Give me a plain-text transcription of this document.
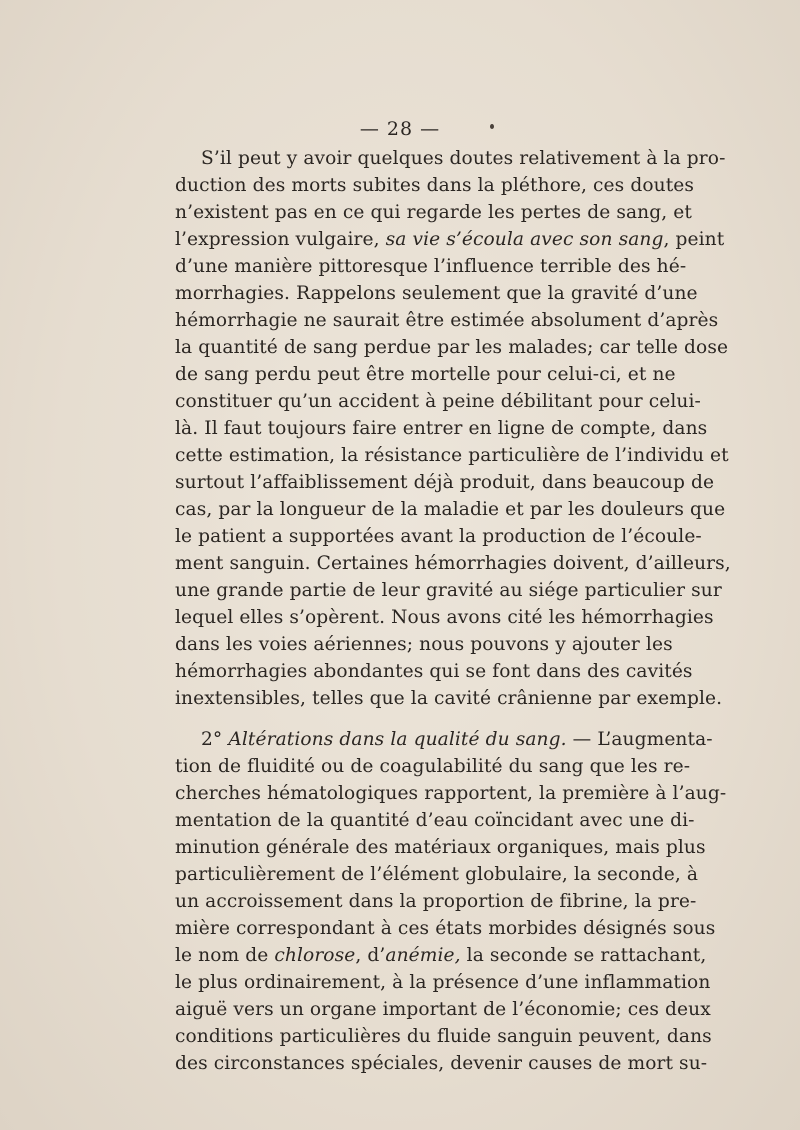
— 28 —
S’il peut y avoir quelques doutes relativement à la pro-
duction des morts subites dans la pléthore, ces doutes
n’existent pas en ce qui regarde les pertes de sang, et
l’expression vulgaire, sa vie s’écoula avec son sang, peint
d’une manière pittoresque l’influence terrible des hé-
morrhagies. Rappelons seulement que la gravité d’une
hémorrhagie ne saurait être estimée absolument d’après
la quantité de sang perdue par les malades; car telle dose
de sang perdu peut être mortelle pour celui-ci, et ne
constituer qu’un accident à peine débilitant pour celui-
là. Il faut toujours faire entrer en ligne de compte, dans
cette estimation, la résistance particulière de l’individu et
surtout l’affaiblissement déjà produit, dans beaucoup de
cas, par la longueur de la maladie et par les douleurs que
le patient a supportées avant la production de l’écoule-
ment sanguin. Certaines hémorrhagies doivent, d’ailleurs,
une grande partie de leur gravité au siége particulier sur
lequel elles s’opèrent. Nous avons cité les hémorrhagies
dans les voies aériennes; nous pouvons y ajouter les
hémorrhagies abondantes qui se font dans des cavités
inextensibles, telles que la cavité crânienne par exemple.
2° Altérations dans la qualité du sang. — L’augmenta-
tion de fluidité ou de coagulabilité du sang que les re-
cherches hématologiques rapportent, la première à l’aug-
mentation de la quantité d’eau coïncidant avec une di-
minution générale des matériaux organiques, mais plus
particulièrement de l’élément globulaire, la seconde, à
un accroissement dans la proportion de fibrine, la pre-
mière correspondant à ces états morbides désignés sous
le nom de chlorose, d’anémie, la seconde se rattachant,
le plus ordinairement, à la présence d’une inflammation
aiguë vers un organe important de l’économie; ces deux
conditions particulières du fluide sanguin peuvent, dans
des circonstances spéciales, devenir causes de mort su-
